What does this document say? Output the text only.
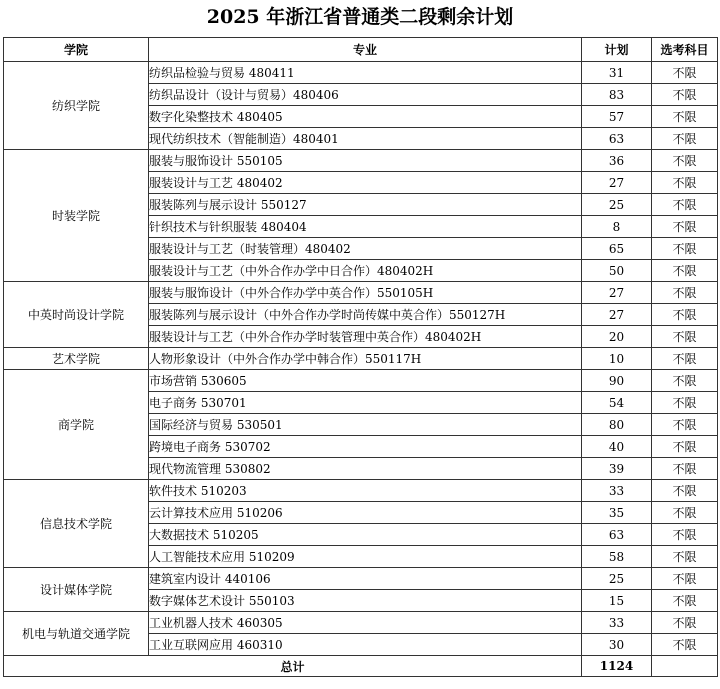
2025 年浙江省普通类二段剩余计划
学院	专业	计划	选考科目
纺织学院	纺织品检验与贸易 480411	31	不限
	纺织品设计（设计与贸易）480406	83	不限
	数字化染整技术 480405	57	不限
	现代纺织技术（智能制造）480401	63	不限
时装学院	服装与服饰设计 550105	36	不限
	服装设计与工艺 480402	27	不限
	服装陈列与展示设计 550127	25	不限
	针织技术与针织服装 480404	8	不限
	服装设计与工艺（时装管理）480402	65	不限
	服装设计与工艺（中外合作办学中日合作）480402H	50	不限
中英时尚设计学院	服装与服饰设计（中外合作办学中英合作）550105H	27	不限
	服装陈列与展示设计（中外合作办学时尚传媒中英合作）550127H	27	不限
	服装设计与工艺（中外合作办学时装管理中英合作）480402H	20	不限
艺术学院	人物形象设计（中外合作办学中韩合作）550117H	10	不限
商学院	市场营销 530605	90	不限
	电子商务 530701	54	不限
	国际经济与贸易 530501	80	不限
	跨境电子商务 530702	40	不限
	现代物流管理 530802	39	不限
信息技术学院	软件技术 510203	33	不限
	云计算技术应用 510206	35	不限
	大数据技术 510205	63	不限
	人工智能技术应用 510209	58	不限
设计媒体学院	建筑室内设计 440106	25	不限
	数字媒体艺术设计 550103	15	不限
机电与轨道交通学院	工业机器人技术 460305	33	不限
	工业互联网应用 460310	30	不限
总计		1124	
